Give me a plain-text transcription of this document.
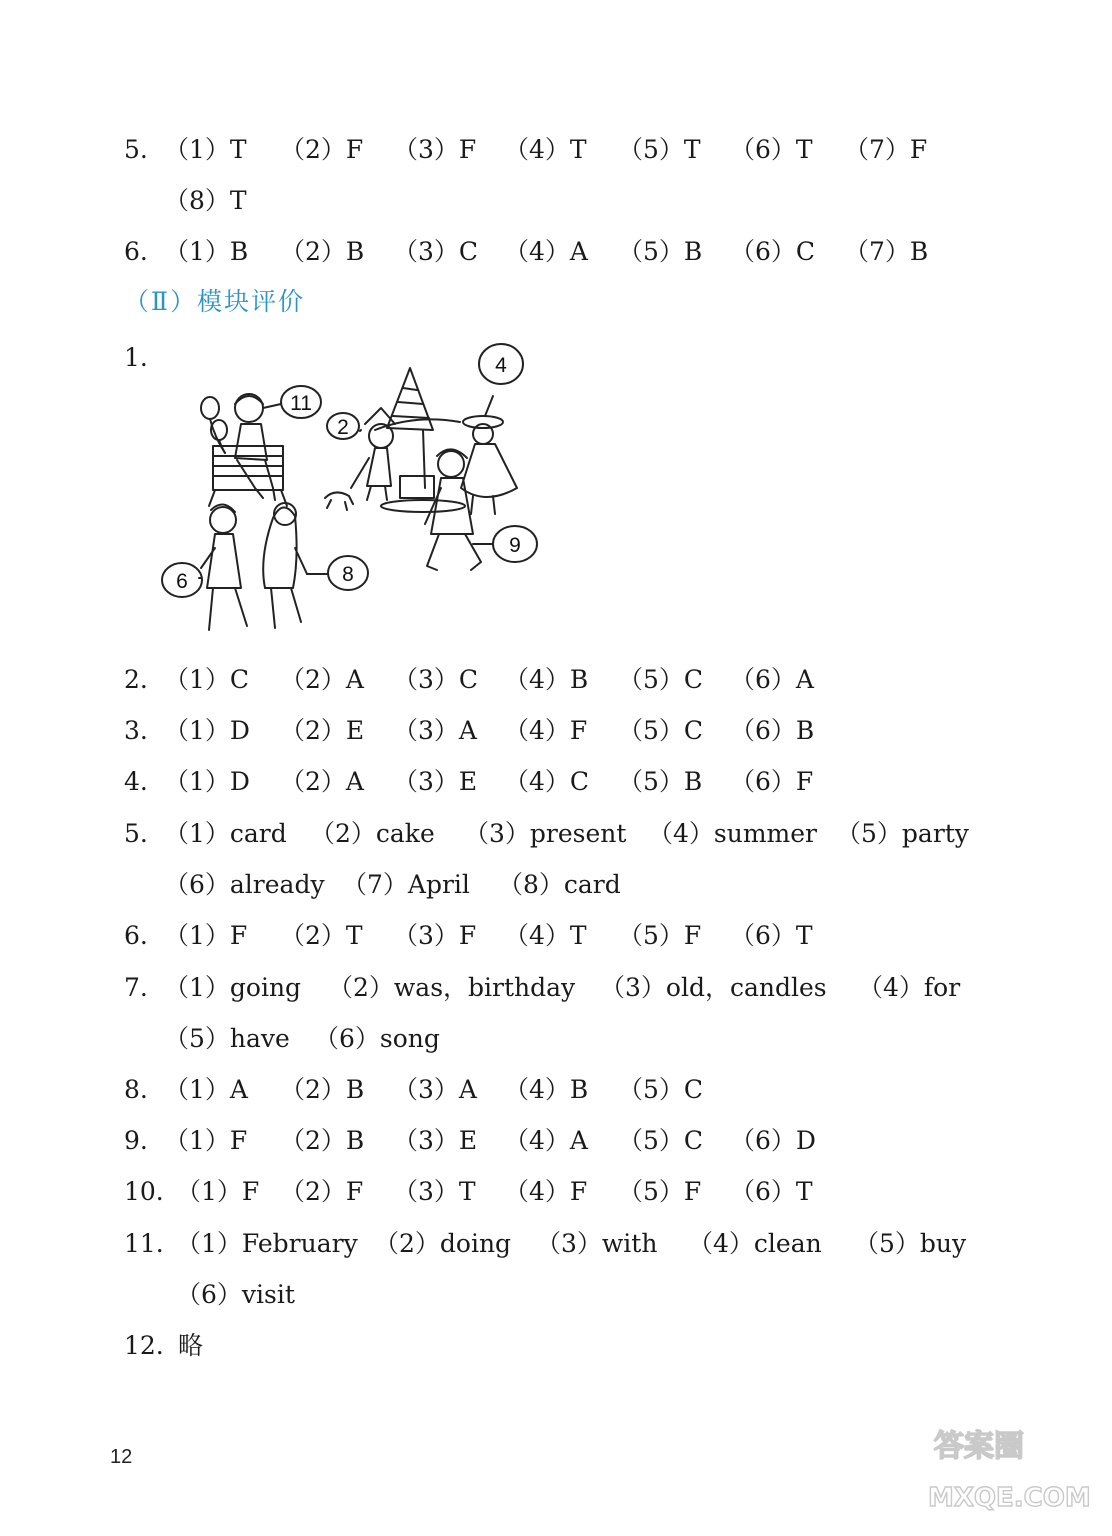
5. （1）T （2）F （3）F （4）T （5）T （6）T （7）F
（8）T
6. （1）B （2）B （3）C （4）A （5）B （6）C （7）B
（Ⅱ）模块评价
1.
11
2
4
9
6	8
2. （1）C （2）A （3）C （4）B （5）C （6）A
3. （1）D （2）E （3）A （4）F （5）C （6）B
4. （1）D （2）A （3）E （4）C （5）B （6）F
5. （1）card （2）cake （3）present （4）summer （5）party
（6）already （7）April （8）card
6. （1）F （2）T （3）F （4）T （5）F （6）T
7. （1）going （2）was，birthday （3）old，candles （4）for
（5）have （6）song
8. （1）A （2）B （3）A （4）B （5）C
9. （1）F （2）B （3）E （4）A （5）C （6）D
10. （1）F （2）F （3）T （4）F （5）F （6）T
11. （1）February （2）doing （3）with （4）clean （5）buy
（6）visit
12. 略
12	答案圈
MXQE.COM
